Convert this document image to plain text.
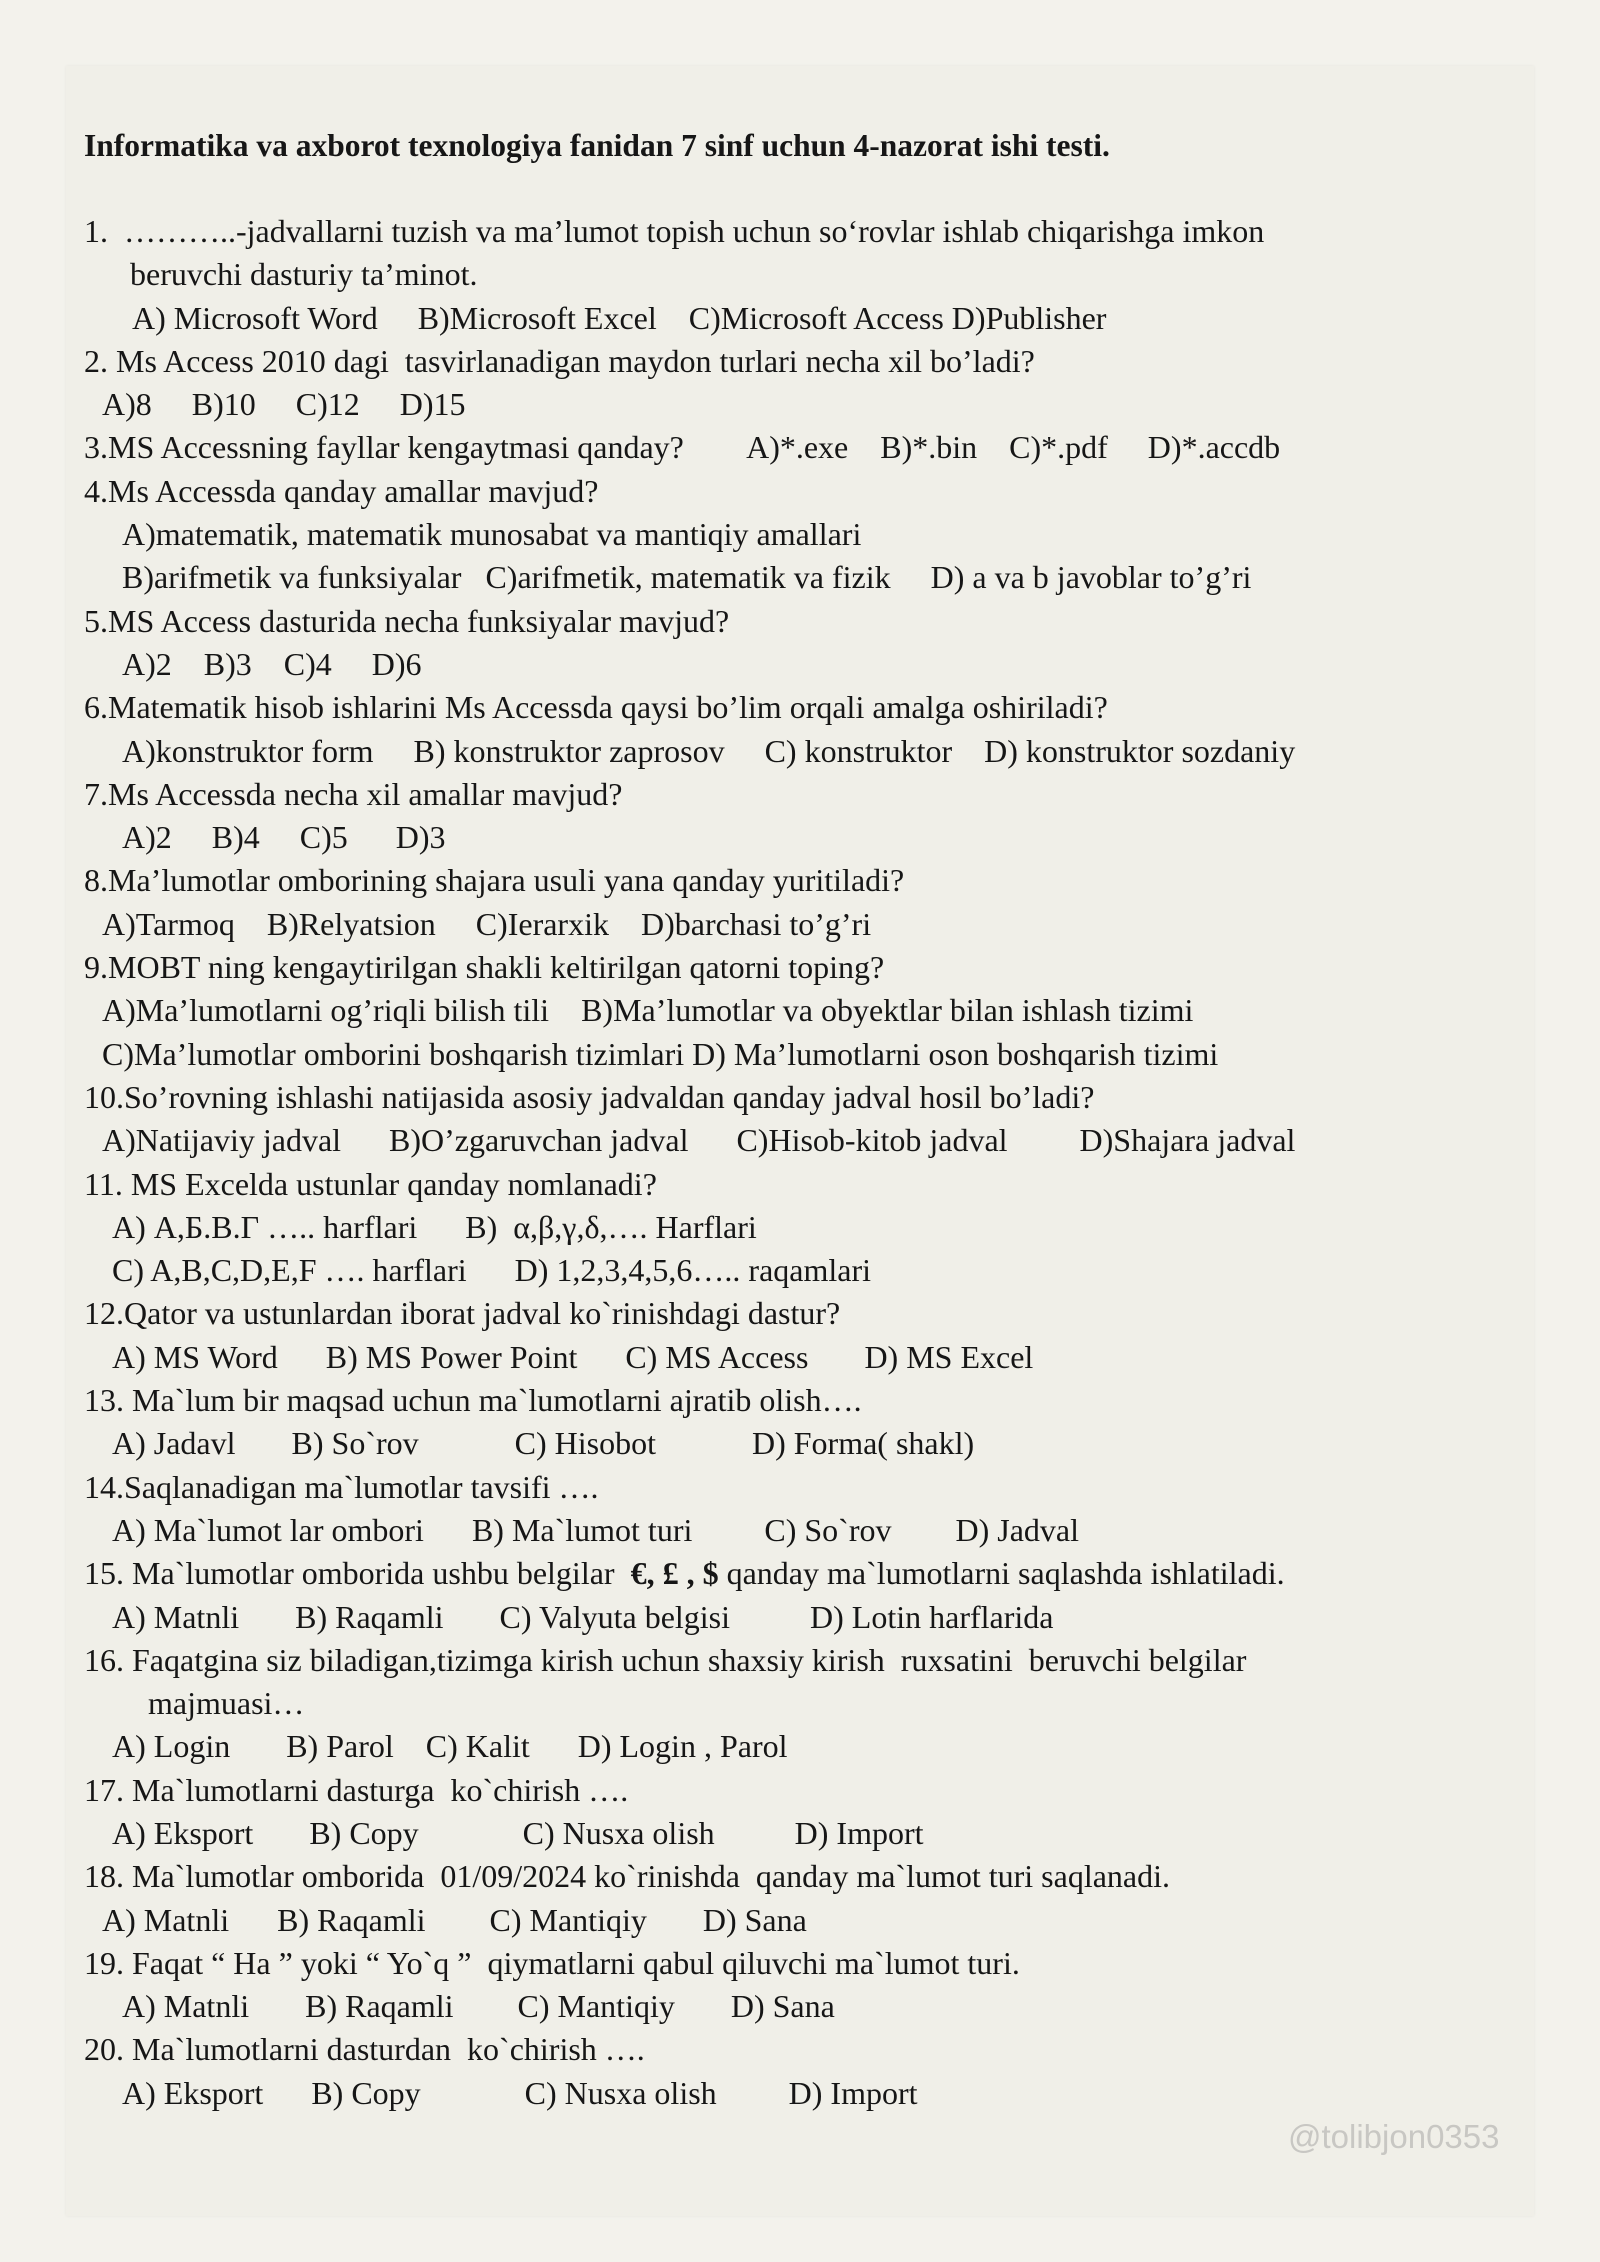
Informatika va axborot texnologiya fanidan 7 sinf uchun 4-nazorat ishi testi.
1.  ………..-jadvallarni tuzish va ma’lumot topish uchun so‘rovlar ishlab chiqarishga imkon
beruvchi dasturiy ta’minot.
A) Microsoft Word     B)Microsoft Excel    C)Microsoft Access D)Publisher
2. Ms Access 2010 dagi  tasvirlanadigan maydon turlari necha xil bo’ladi?
A)8     B)10     C)12     D)15
3.MS Accessning fayllar kengaytmasi qanday?        A)*.exe    B)*.bin    C)*.pdf     D)*.accdb
4.Ms Accessda qanday amallar mavjud?
A)matematik, matematik munosabat va mantiqiy amallari
B)arifmetik va funksiyalar   C)arifmetik, matematik va fizik     D) a va b javoblar to’g’ri
5.MS Access dasturida necha funksiyalar mavjud?
A)2    B)3    C)4     D)6
6.Matematik hisob ishlarini Ms Accessda qaysi bo’lim orqali amalga oshiriladi?
A)konstruktor form     B) konstruktor zaprosov     C) konstruktor    D) konstruktor sozdaniy
7.Ms Accessda necha xil amallar mavjud?
A)2     B)4     C)5      D)3
8.Ma’lumotlar omborining shajara usuli yana qanday yuritiladi?
A)Tarmoq    B)Relyatsion     C)Ierarxik    D)barchasi to’g’ri
9.MOBT ning kengaytirilgan shakli keltirilgan qatorni toping?
A)Ma’lumotlarni og’riqli bilish tili    B)Ma’lumotlar va obyektlar bilan ishlash tizimi
C)Ma’lumotlar omborini boshqarish tizimlari D) Ma’lumotlarni oson boshqarish tizimi
10.So’rovning ishlashi natijasida asosiy jadvaldan qanday jadval hosil bo’ladi?
A)Natijaviy jadval      B)O’zgaruvchan jadval      C)Hisob-kitob jadval         D)Shajara jadval
11. MS Excelda ustunlar qanday nomlanadi?
A) А,Б.В.Г ….. harflari      B)  α,β,γ,δ,…. Harflari
C) A,B,C,D,E,F …. harflari      D) 1,2,3,4,5,6….. raqamlari
12.Qator va ustunlardan iborat jadval ko`rinishdagi dastur?
A) MS Word      B) MS Power Point      C) MS Access       D) MS Excel
13. Ma`lum bir maqsad uchun ma`lumotlarni ajratib olish….
A) Jadavl       B) So`rov            C) Hisobot            D) Forma( shakl)
14.Saqlanadigan ma`lumotlar tavsifi ….
A) Ma`lumot lar ombori      B) Ma`lumot turi         C) So`rov        D) Jadval
15. Ma`lumotlar omborida ushbu belgilar  €, £ , $ qanday ma`lumotlarni saqlashda ishlatiladi.
A) Matnli       B) Raqamli       C) Valyuta belgisi          D) Lotin harflarida
16. Faqatgina siz biladigan,tizimga kirish uchun shaxsiy kirish  ruxsatini  beruvchi belgilar
majmuasi…
A) Login       B) Parol    C) Kalit      D) Login , Parol
17. Ma`lumotlarni dasturga  ko`chirish ….
A) Eksport       B) Copy             C) Nusxa olish          D) Import
18. Ma`lumotlar omborida  01/09/2024 ko`rinishda  qanday ma`lumot turi saqlanadi.
A) Matnli      B) Raqamli        C) Mantiqiy       D) Sana
19. Faqat “ Ha ” yoki “ Yo`q ”  qiymatlarni qabul qiluvchi ma`lumot turi.
A) Matnli       B) Raqamli        C) Mantiqiy       D) Sana
20. Ma`lumotlarni dasturdan  ko`chirish ….
A) Eksport      B) Copy             C) Nusxa olish         D) Import
@tolibjon0353
